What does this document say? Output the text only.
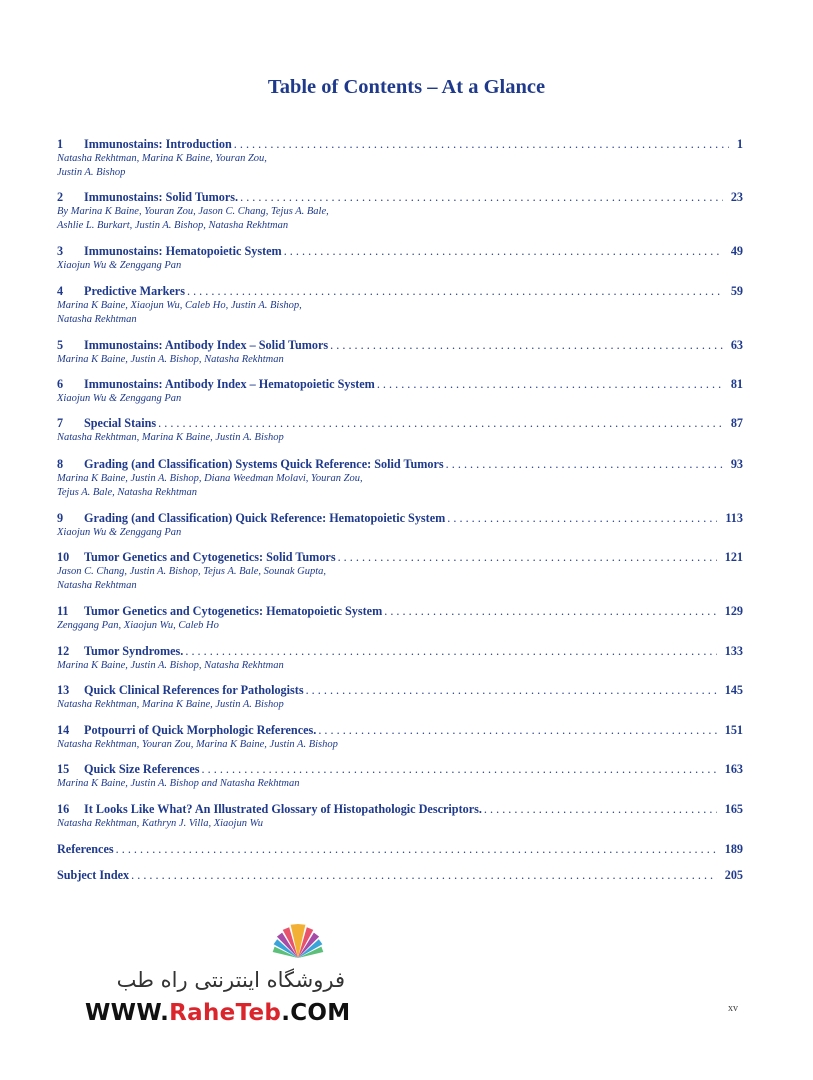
Table of Contents – At a Glance
1	Immunostains: Introduction . . .	1
Natasha Rekhtman, Marina K Baine, Youran Zou,
Justin A. Bishop
2	Immunostains: Solid Tumors. . . .	23
By Marina K Baine, Youran Zou, Jason C. Chang, Tejus A. Bale,
Ashlie L. Burkart, Justin A. Bishop, Natasha Rekhtman
3	Immunostains: Hematopoietic System . . .	49
Xiaojun Wu & Zenggang Pan
4	Predictive Markers . . .	59
Marina K Baine, Xiaojun Wu, Caleb Ho, Justin A. Bishop,
Natasha Rekhtman
5	Immunostains: Antibody Index – Solid Tumors . . .	63
Marina K Baine, Justin A. Bishop, Natasha Rekhtman
6	Immunostains: Antibody Index – Hematopoietic System . . .	81
Xiaojun Wu & Zenggang Pan
7	Special Stains . . .	87
Natasha Rekhtman, Marina K Baine, Justin A. Bishop
8	Grading (and Classification) Systems Quick Reference: Solid Tumors . . .	93
Marina K Baine, Justin A. Bishop, Diana Weedman Molavi, Youran Zou,
Tejus A. Bale, Natasha Rekhtman
9	Grading (and Classification) Quick Reference: Hematopoietic System . . .	113
Xiaojun Wu & Zenggang Pan
10	Tumor Genetics and Cytogenetics: Solid Tumors . . .	121
Jason C. Chang, Justin A. Bishop, Tejus A. Bale, Sounak Gupta,
Natasha Rekhtman
11	Tumor Genetics and Cytogenetics: Hematopoietic System . . .	129
Zenggang Pan, Xiaojun Wu, Caleb Ho
12	Tumor Syndromes. . . .	133
Marina K Baine, Justin A. Bishop, Natasha Rekhtman
13	Quick Clinical References for Pathologists . . .	145
Natasha Rekhtman, Marina K Baine, Justin A. Bishop
14	Potpourri of Quick Morphologic References. . . .	151
Natasha Rekhtman, Youran Zou, Marina K Baine, Justin A. Bishop
15	Quick Size References . . .	163
Marina K Baine, Justin A. Bishop and Natasha Rekhtman
16	It Looks Like What? An Illustrated Glossary of Histopathologic Descriptors. . . .	165
Natasha Rekhtman, Kathryn J. Villa, Xiaojun Wu
References . . .	189
Subject Index . . .	205
فروشگاه اینترنتی راه طب
WWW.RaheTeb.COM	xv
